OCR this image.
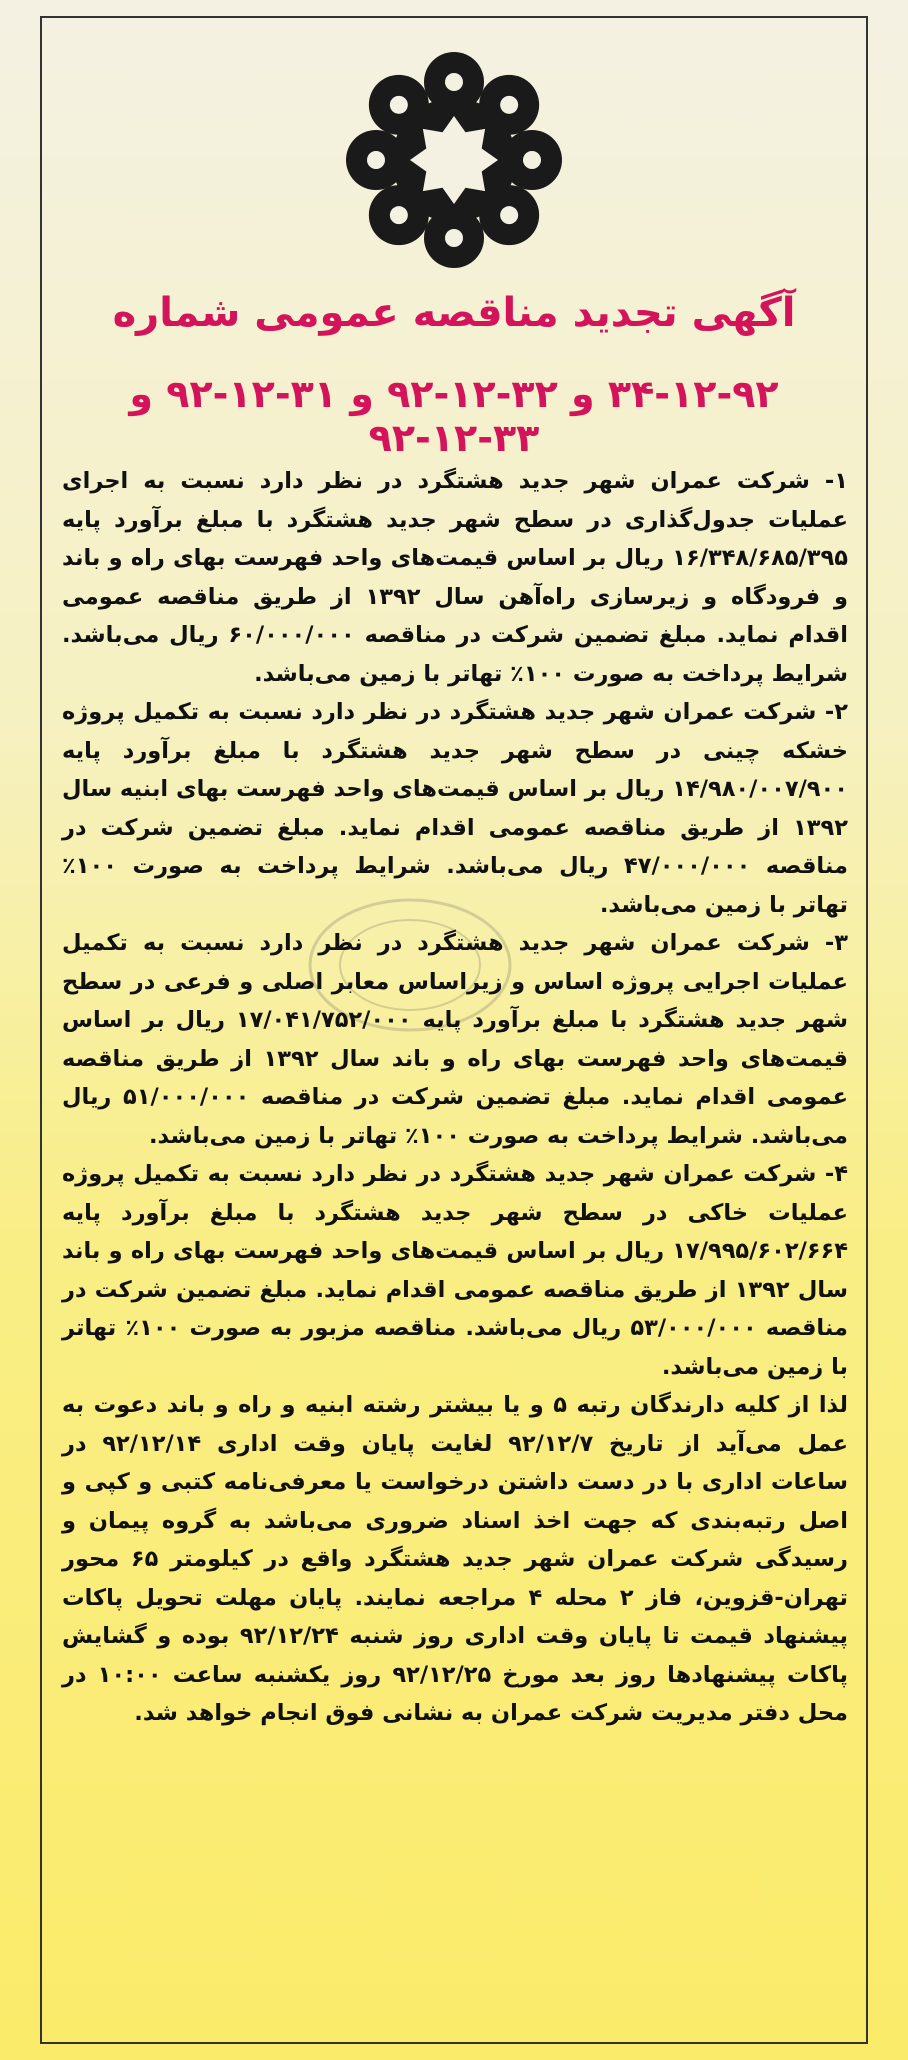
آگهی تجدید مناقصه عمومی شماره
۳۴-۱۲-۹۲ و ۳۲-۱۲-۹۲ و ۳۱-۱۲-۹۲ و ۳۳-۱۲-۹۲

۱- شرکت عمران شهر جدید هشتگرد در نظر دارد نسبت به اجرای عملیات جدول‌گذاری در سطح شهر جدید هشتگرد با مبلغ برآورد پایه ۱۶/۳۴۸/۶۸۵/۳۹۵ ریال بر اساس قیمت‌های واحد فهرست بهای راه و باند و فرودگاه و زیرسازی راه‌آهن سال ۱۳۹۲ از طریق مناقصه عمومی اقدام نماید. مبلغ تضمین شرکت در مناقصه ۶۰/۰۰۰/۰۰۰ ریال می‌باشد. شرایط پرداخت به صورت ۱۰۰٪ تهاتر با زمین می‌باشد.

۲- شرکت عمران شهر جدید هشتگرد در نظر دارد نسبت به تکمیل پروژه خشکه چینی در سطح شهر جدید هشتگرد با مبلغ برآورد پایه ۱۴/۹۸۰/۰۰۷/۹۰۰ ریال بر اساس قیمت‌های واحد فهرست بهای ابنیه سال ۱۳۹۲ از طریق مناقصه عمومی اقدام نماید. مبلغ تضمین شرکت در مناقصه ۴۷/۰۰۰/۰۰۰ ریال می‌باشد. شرایط پرداخت به صورت ۱۰۰٪ تهاتر با زمین می‌باشد.

۳- شرکت عمران شهر جدید هشتگرد در نظر دارد نسبت به تکمیل عملیات اجرایی پروژه اساس و زیراساس معابر اصلی و فرعی در سطح شهر جدید هشتگرد با مبلغ برآورد پایه ۱۷/۰۴۱/۷۵۲/۰۰۰ ریال بر اساس قیمت‌های واحد فهرست بهای راه و باند سال ۱۳۹۲ از طریق مناقصه عمومی اقدام نماید. مبلغ تضمین شرکت در مناقصه ۵۱/۰۰۰/۰۰۰ ریال می‌باشد. شرایط پرداخت به صورت ۱۰۰٪ تهاتر با زمین می‌باشد.

۴- شرکت عمران شهر جدید هشتگرد در نظر دارد نسبت به تکمیل پروژه عملیات خاکی در سطح شهر جدید هشتگرد با مبلغ برآورد پایه ۱۷/۹۹۵/۶۰۲/۶۶۴ ریال بر اساس قیمت‌های واحد فهرست بهای راه و باند سال ۱۳۹۲ از طریق مناقصه عمومی اقدام نماید. مبلغ تضمین شرکت در مناقصه ۵۳/۰۰۰/۰۰۰ ریال می‌باشد. مناقصه مزبور به صورت ۱۰۰٪ تهاتر با زمین می‌باشد.

لذا از کلیه دارندگان رتبه ۵ و یا بیشتر رشته ابنیه و راه و باند دعوت به عمل می‌آید از تاریخ ۹۲/۱۲/۷ لغایت پایان وقت اداری ۹۲/۱۲/۱۴ در ساعات اداری با در دست داشتن درخواست یا معرفی‌نامه کتبی و کپی و اصل رتبه‌بندی که جهت اخذ اسناد ضروری می‌باشد به گروه پیمان و رسیدگی شرکت عمران شهر جدید هشتگرد واقع در کیلومتر ۶۵ محور تهران-قزوین، فاز ۲ محله ۴ مراجعه نمایند. پایان مهلت تحویل پاکات پیشنهاد قیمت تا پایان وقت اداری روز شنبه ۹۲/۱۲/۲۴ بوده و گشایش پاکات پیشنهادها روز بعد مورخ ۹۲/۱۲/۲۵ روز یکشنبه ساعت ۱۰:۰۰ در محل دفتر مدیریت شرکت عمران به نشانی فوق انجام خواهد شد.
